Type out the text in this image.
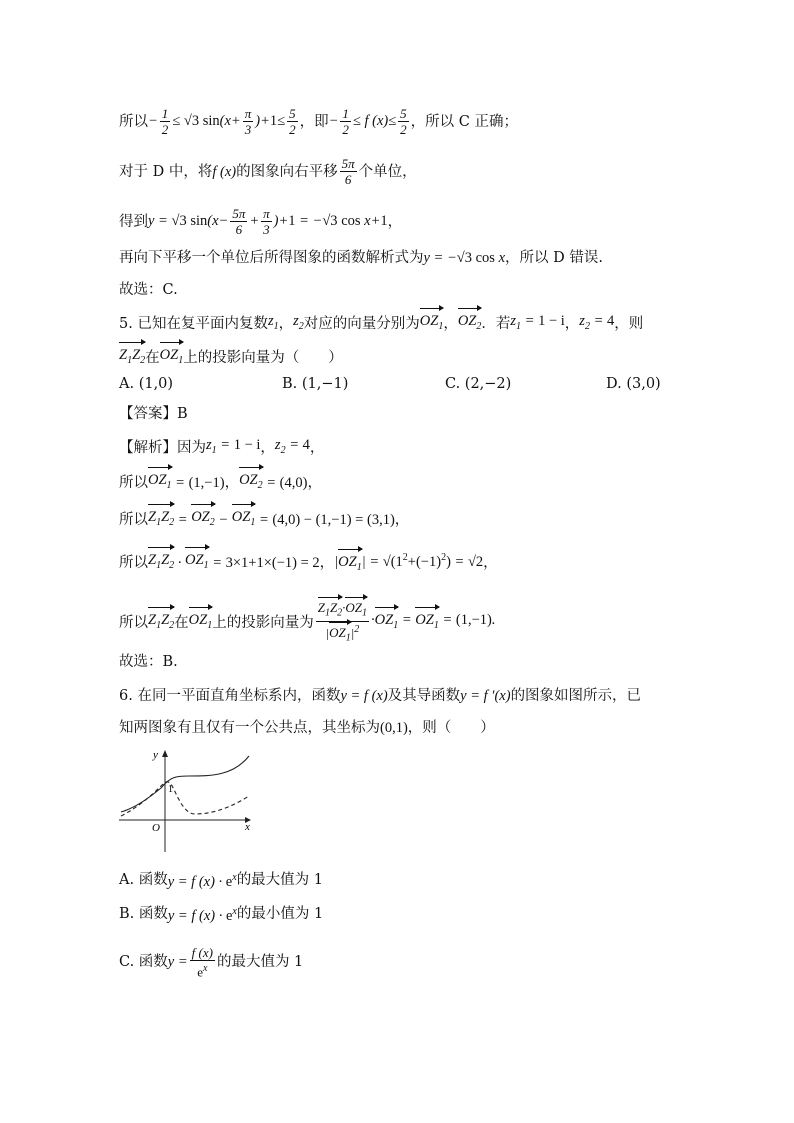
所以 − $\frac{1}{2} \le √3$ $\sin(x+ \frac{\pi}{3} )+1\le \frac{5}{2}$ ，即 − $\frac{1}{2} \le f$ $(x)\le \frac{5}{2}$ ，所以 C 正确；
对于 D 中，将 f (x) 的图象向右平移 $\frac{5\pi}{6}$ 个单位，
得到 y = √3 $\sin(x- \frac{5\pi}{6} + \frac{\pi}{3} )+1 = -√3$ cos x+1 ，
再向下平移一个单位后所得图象的函数解析式为 y = −√3 cos x ，所以 D 错误.
故选：C.
5. 已知在复平面内复数 $z_1$ ， $z_2$ 对应的向量分别为 $OZ_1$ ， $OZ_2$ ．若 $z_1 = 1 - i$ ， $z_2 = 4$ ，则
$Z_1Z_2$ 在 $OZ_1$ 上的投影向量为（　　）
A. (1,0)	B. (1,−1)	C. (2,−2)	D. (3,0)
【答案】B
【解析】因为 $z_1 = 1 - i$ ， $z_2 = 4$ ，
所以 $OZ_1 = (1,-1)$ ， $OZ_2 = (4,0)$ ，
所以 $Z_1Z_2 = OZ_2 - OZ_1 = (4,0) - (1,-1) = (3,1)$ ，
所以 $Z_1Z_2 \cdot OZ_1 = 3\times 1+1\times(-1) = 2$ ， $|OZ_1| = √(1^2+(-1)^2) = √2$ ，
所以 $Z_1Z_2$ 在 $OZ_1$ 上的投影向量为 $\frac{Z_1Z_2\cdot OZ_1}{|OZ_1|^2} \cdot OZ_1 = OZ_1 = (1,-1)$.
故选：B.
6. 在同一平面直角坐标系内，函数 y = f (x) 及其导函数 y = f ′(x) 的图象如图所示，已
知两图象有且仅有一个公共点，其坐标为 (0,1) ，则（　　）
y
x
O
1
A. 函数 y = f $(x) \cdot e^x$ 的最大值为 1
B. 函数 y = f $(x) \cdot e^x$ 的最小值为 1
C. 函数 $y = \frac{f (x)}{e^x}$ 的最大值为 1
